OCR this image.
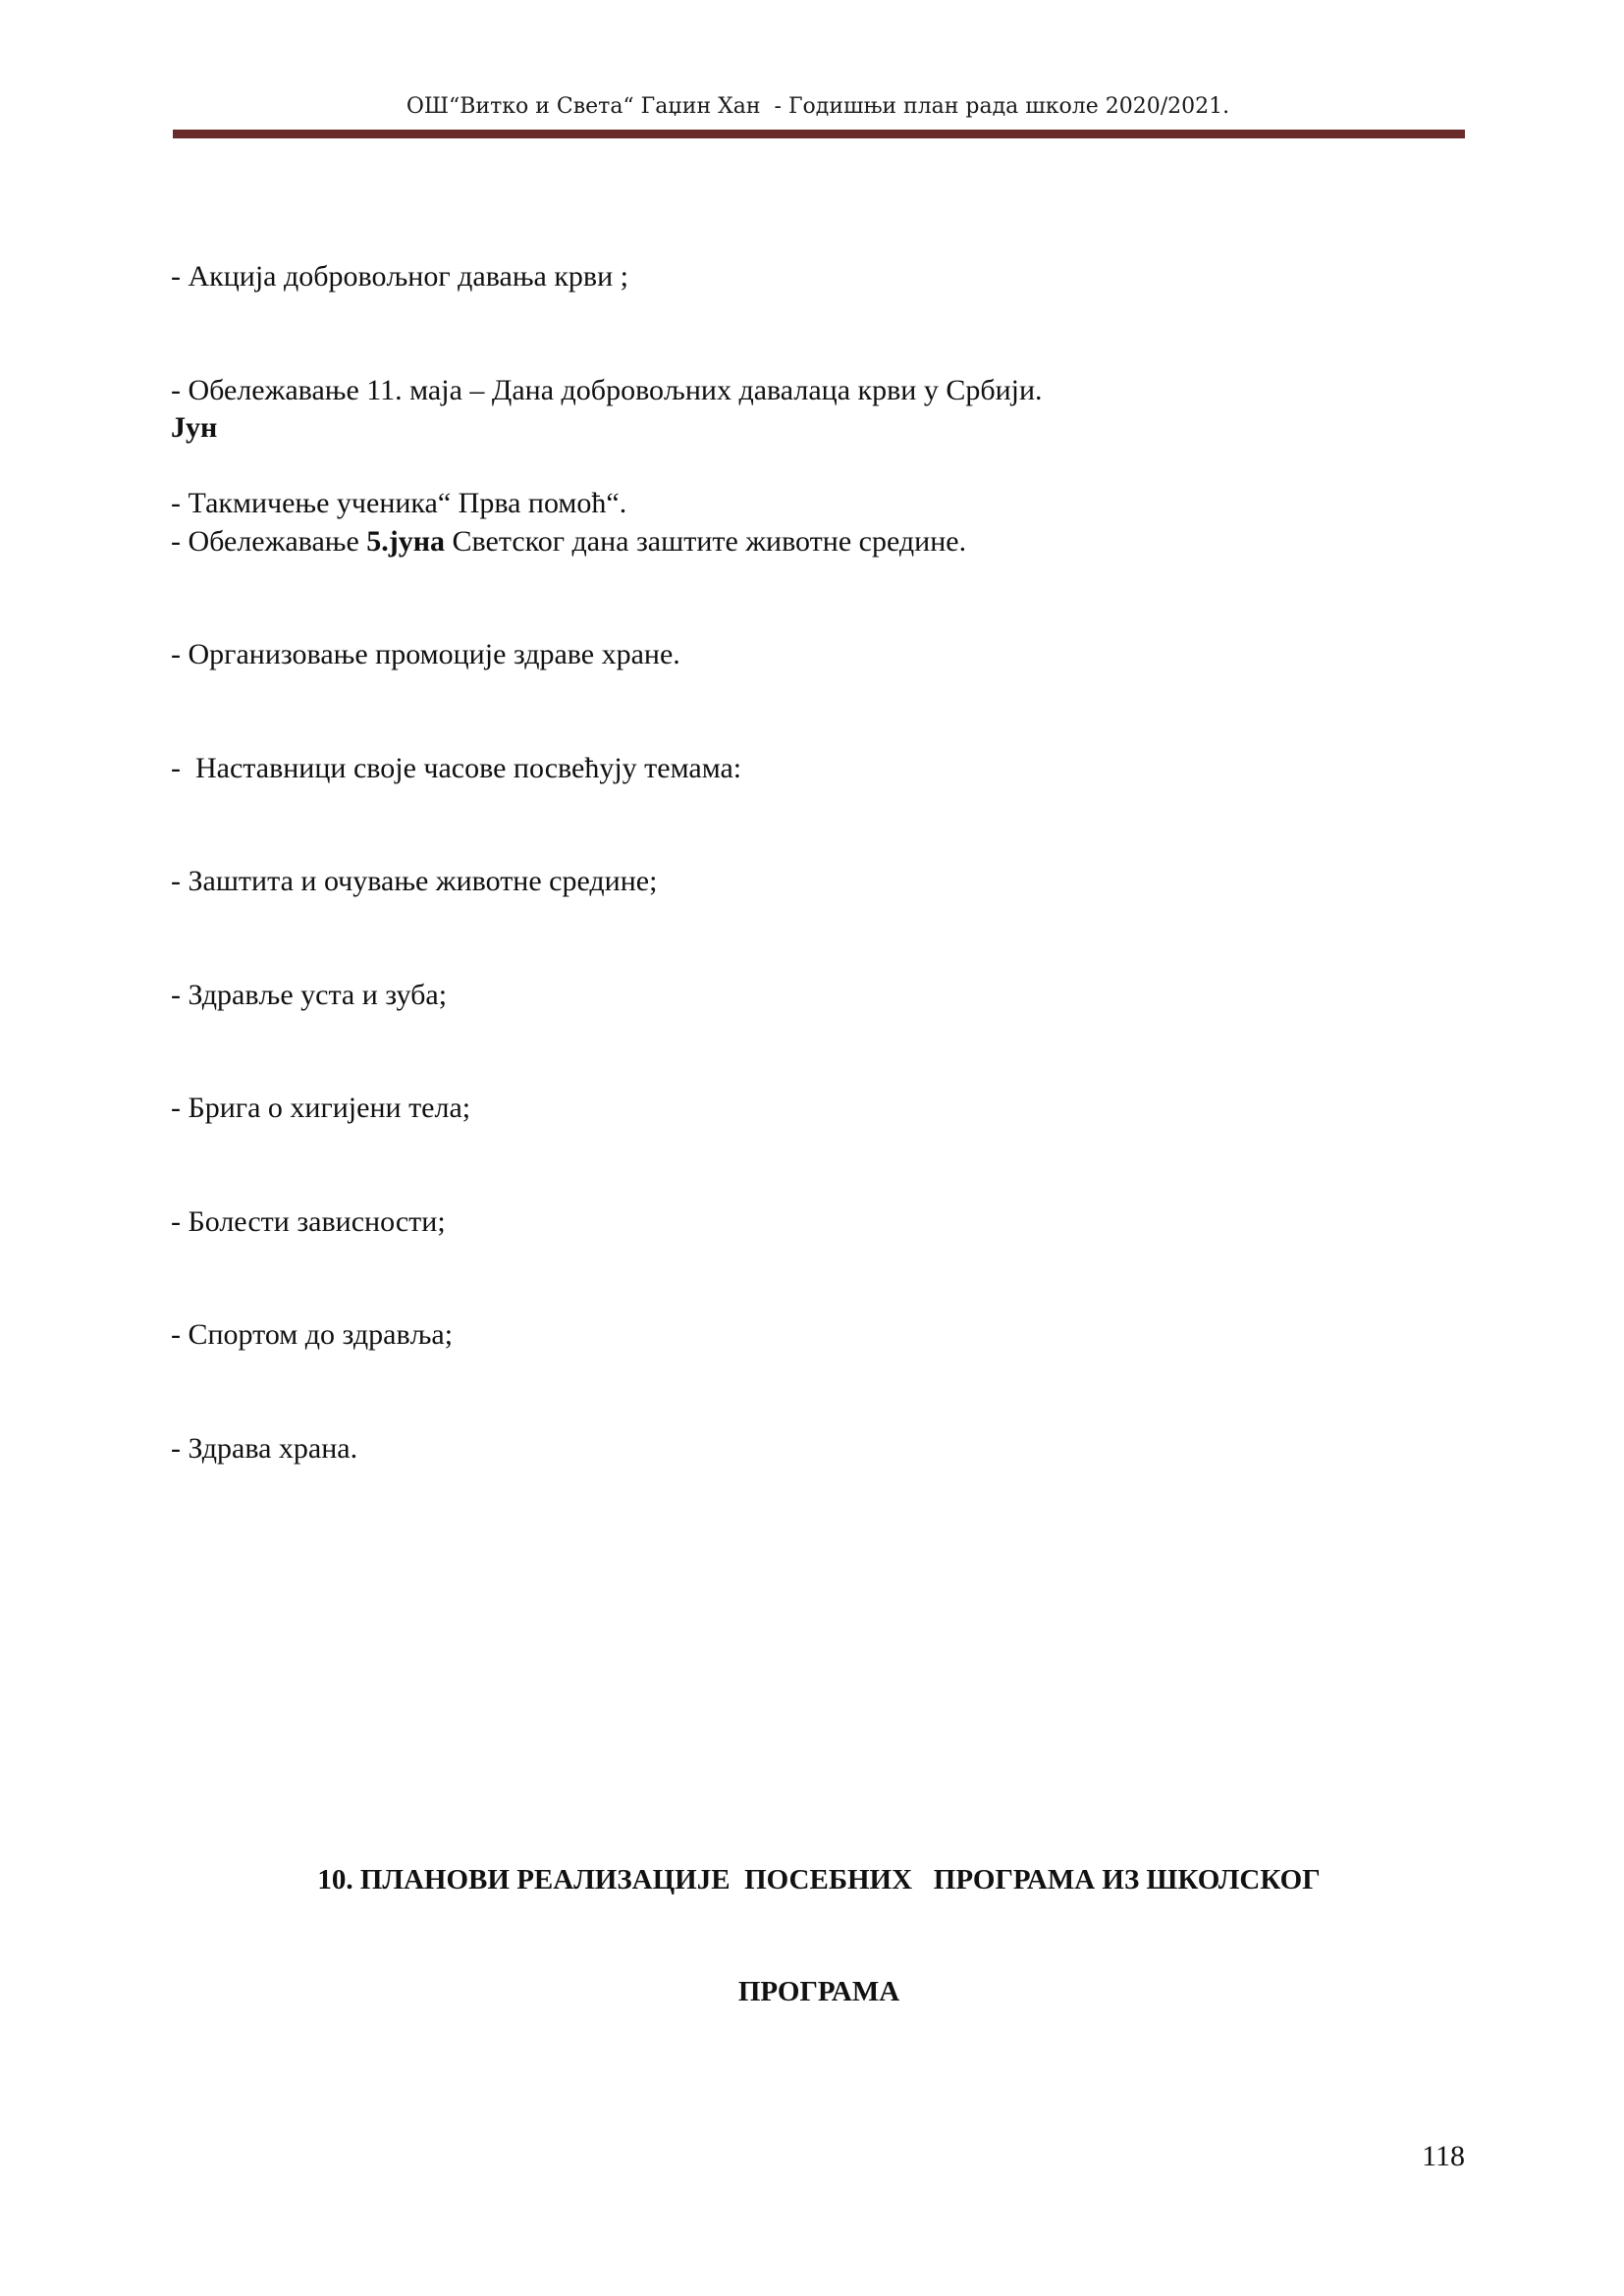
ОШ“Витко и Света“ Гаџин Хан  - Годишњи план рада школе 2020/2021.

- Акција добровољног давања крви ;

- Обележавање 11. маја – Дана добровољних давалаца крви у Србији.

- Такмичење ученика“ Прва помоћ“.

Јун

- Обележавање 5.јуна Светског дана заштите животне средине.

- Организовање промоције здраве хране.

-  Наставници своје часове посвећују темама:

- Заштита и очување животне средине;

- Здравље уста и зуба;

- Брига о хигијени тела;

- Болести зависности;

- Спортом до здравља;

- Здрава храна.

10. ПЛАНОВИ РЕАЛИЗАЦИЈЕ  ПОСЕБНИХ   ПРОГРАМА ИЗ ШКОЛСКОГ

ПРОГРАМА

118
